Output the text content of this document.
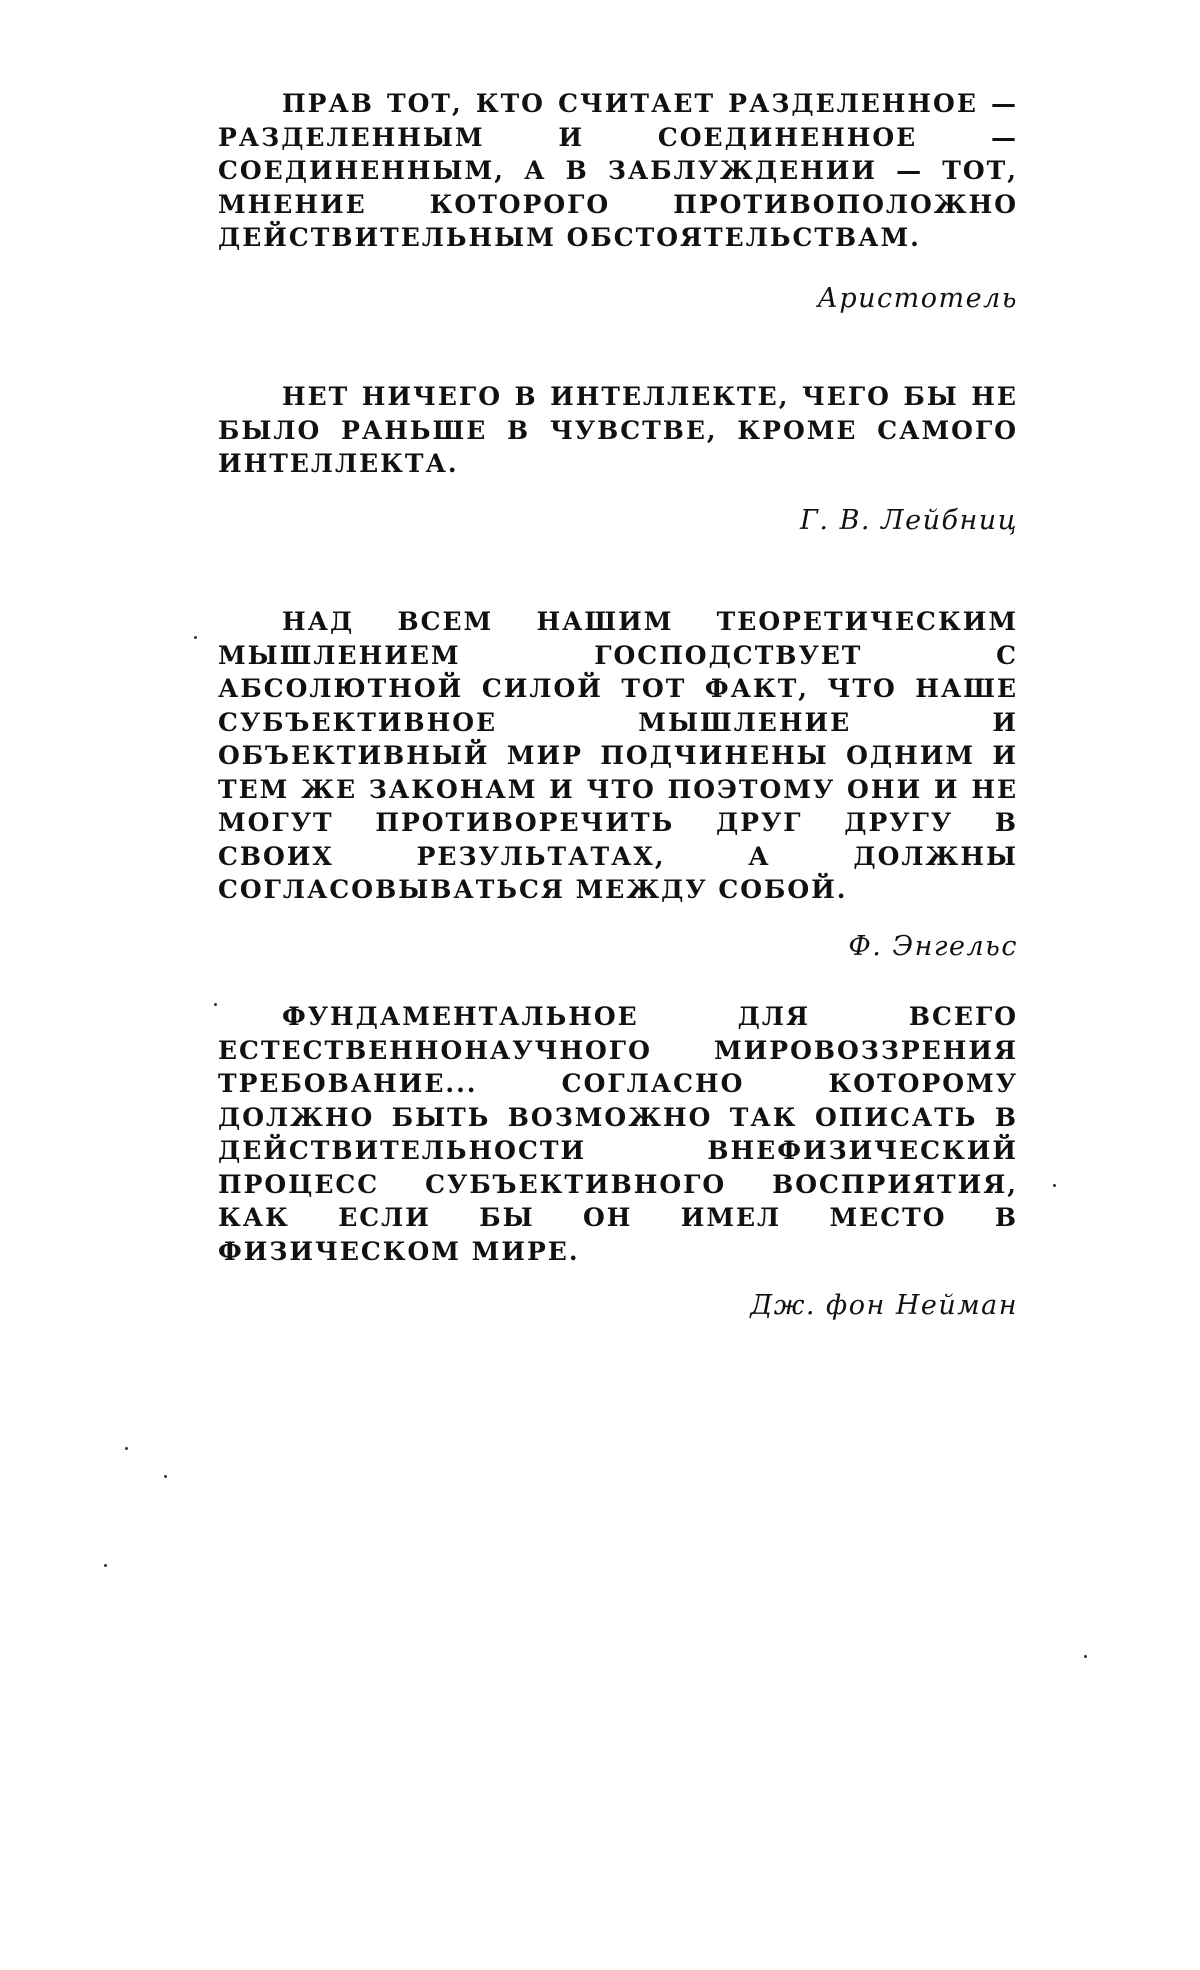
ПРАВ ТОТ, КТО СЧИТАЕТ РАЗДЕЛЕННОЕ — РАЗДЕЛЕННЫМ И СОЕДИНЕННОЕ — СОЕДИНЕННЫМ, А В ЗАБЛУЖДЕНИИ — ТОТ, МНЕНИЕ КОТОРОГО ПРОТИВОПОЛОЖНО ДЕЙСТВИТЕЛЬНЫМ ОБСТОЯТЕЛЬСТВАМ.

Аристотель

НЕТ НИЧЕГО В ИНТЕЛЛЕКТЕ, ЧЕГО БЫ НЕ БЫЛО РАНЬШЕ В ЧУВСТВЕ, КРОМЕ САМОГО ИНТЕЛЛЕКТА.

Г. В. Лейбниц

НАД ВСЕМ НАШИМ ТЕОРЕТИЧЕСКИМ МЫШЛЕНИЕМ ГОСПОДСТВУЕТ С АБСОЛЮТНОЙ СИЛОЙ ТОТ ФАКТ, ЧТО НАШЕ СУБЪЕКТИВНОЕ МЫШЛЕНИЕ И ОБЪЕКТИВНЫЙ МИР ПОДЧИНЕНЫ ОДНИМ И ТЕМ ЖЕ ЗАКОНАМ И ЧТО ПОЭТОМУ ОНИ И НЕ МОГУТ ПРОТИВОРЕЧИТЬ ДРУГ ДРУГУ В СВОИХ РЕЗУЛЬТАТАХ, А ДОЛЖНЫ СОГЛАСОВЫВАТЬСЯ МЕЖДУ СОБОЙ.

Ф. Энгельс

ФУНДАМЕНТАЛЬНОЕ ДЛЯ ВСЕГО ЕСТЕСТВЕННОНАУЧНОГО МИРОВОЗЗРЕНИЯ ТРЕБОВАНИЕ... СОГЛАСНО КОТОРОМУ ДОЛЖНО БЫТЬ ВОЗМОЖНО ТАК ОПИСАТЬ В ДЕЙСТВИТЕЛЬНОСТИ ВНЕФИЗИЧЕСКИЙ ПРОЦЕСС СУБЪЕКТИВНОГО ВОСПРИЯТИЯ, КАК ЕСЛИ БЫ ОН ИМЕЛ МЕСТО В ФИЗИЧЕСКОМ МИРЕ.

Дж. фон Нейман
